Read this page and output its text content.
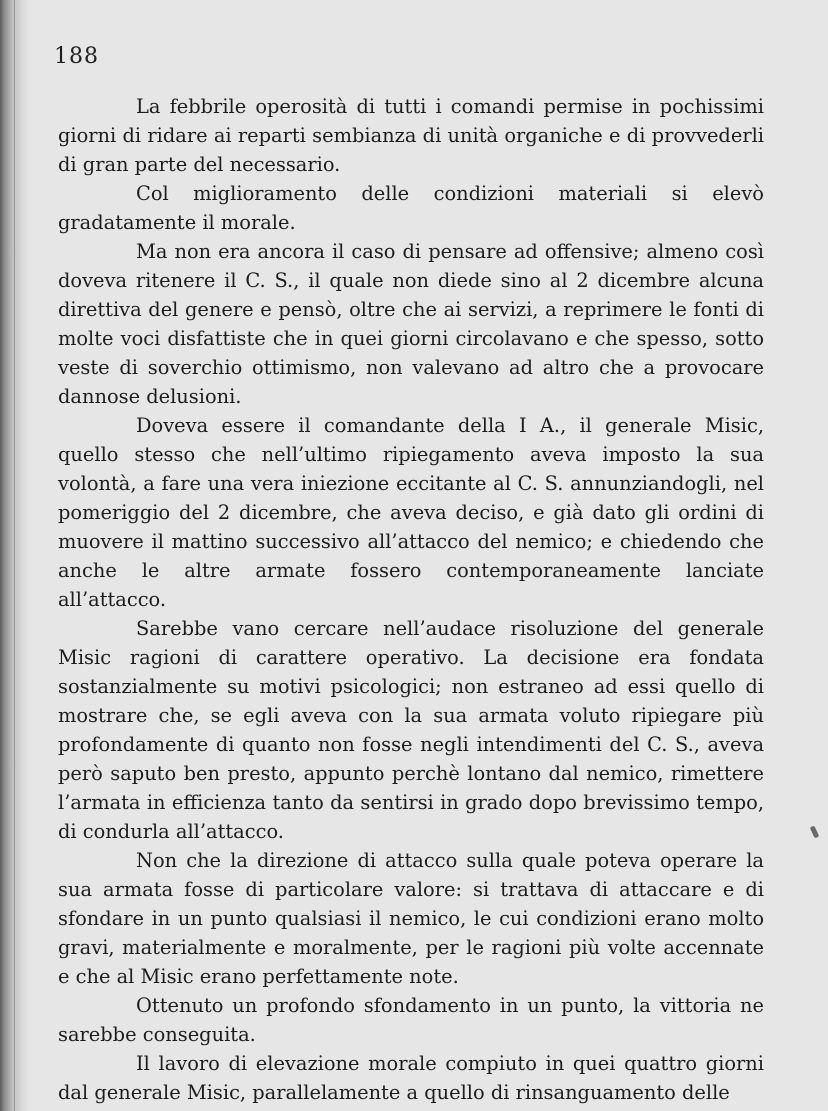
188

La febbrile operosità di tutti i comandi permise in pochissimi giorni di ridare ai reparti sembianza di unità organiche e di provvederli di gran parte del necessario.

Col miglioramento delle condizioni materiali si elevò gradatamente il morale.

Ma non era ancora il caso di pensare ad offensive; almeno così doveva ritenere il C. S., il quale non diede sino al 2 dicembre alcuna direttiva del genere e pensò, oltre che ai servizi, a reprimere le fonti di molte voci disfattiste che in quei giorni circolavano e che spesso, sotto veste di soverchio ottimismo, non valevano ad altro che a provocare dannose delusioni.

Doveva essere il comandante della I A., il generale Misic, quello stesso che nell’ultimo ripiegamento aveva imposto la sua volontà, a fare una vera iniezione eccitante al C. S. annunziandogli, nel pomeriggio del 2 dicembre, che aveva deciso, e già dato gli ordini di muovere il mattino successivo all’attacco del nemico; e chiedendo che anche le altre armate fossero contemporaneamente lanciate all’attacco.

Sarebbe vano cercare nell’audace risoluzione del generale Misic ragioni di carattere operativo. La decisione era fondata sostanzialmente su motivi psicologici; non estraneo ad essi quello di mostrare che, se egli aveva con la sua armata voluto ripiegare più profondamente di quanto non fosse negli intendimenti del C. S., aveva però saputo ben presto, appunto perchè lontano dal nemico, rimettere l’armata in efficienza tanto da sentirsi in grado dopo brevissimo tempo, di condurla all’attacco.

Non che la direzione di attacco sulla quale poteva operare la sua armata fosse di particolare valore: si trattava di attaccare e di sfondare in un punto qualsiasi il nemico, le cui condizioni erano molto gravi, materialmente e moralmente, per le ragioni più volte accennate e che al Misic erano perfettamente note.

Ottenuto un profondo sfondamento in un punto, la vittoria ne sarebbe conseguita.

Il lavoro di elevazione morale compiuto in quei quattro giorni dal generale Misic, parallelamente a quello di rinsanguamento delle
